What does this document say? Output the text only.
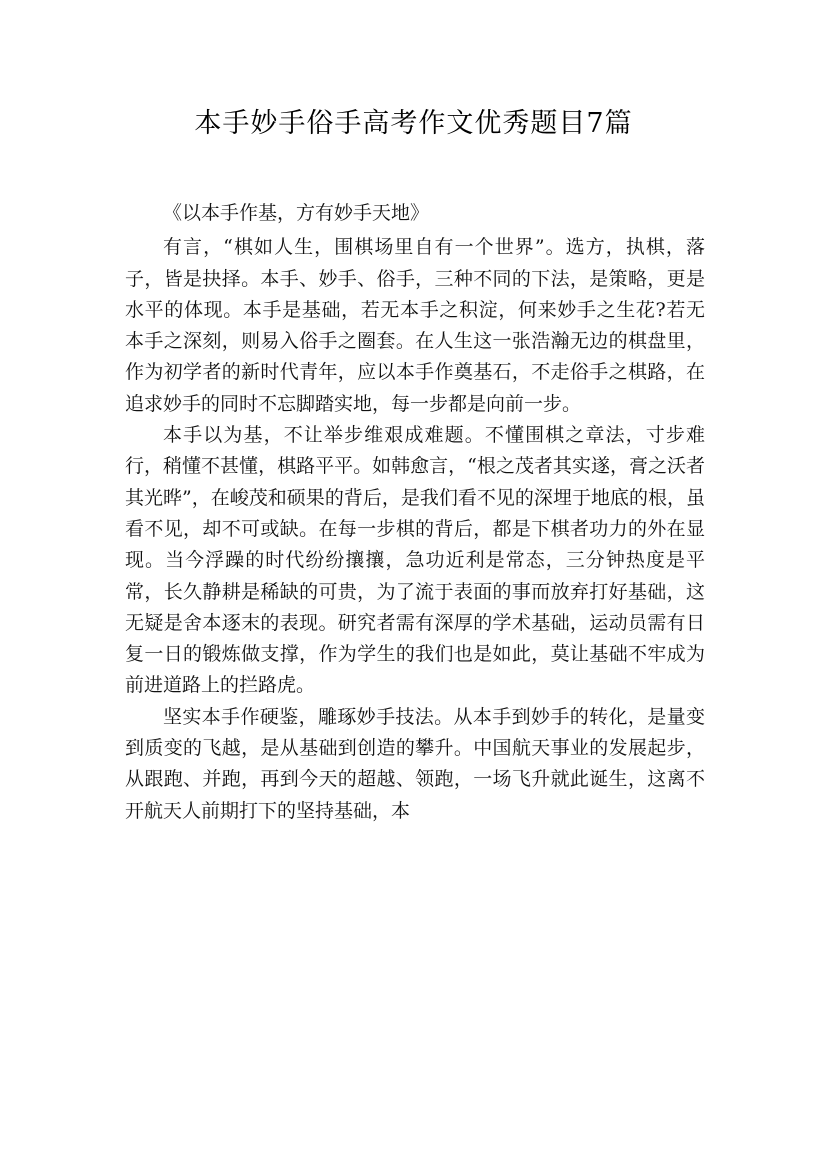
本手妙手俗手高考作文优秀题目7篇

《以本手作基，方有妙手天地》

有言，“棋如人生，围棋场里自有一个世界”。选方，执棋，落子，皆是抉择。本手、妙手、俗手，三种不同的下法，是策略，更是水平的体现。本手是基础，若无本手之积淀，何来妙手之生花?若无本手之深刻，则易入俗手之圈套。在人生这一张浩瀚无边的棋盘里，作为初学者的新时代青年，应以本手作奠基石，不走俗手之棋路，在追求妙手的同时不忘脚踏实地，每一步都是向前一步。

本手以为基，不让举步维艰成难题。不懂围棋之章法，寸步难行，稍懂不甚懂，棋路平平。如韩愈言，“根之茂者其实遂，膏之沃者其光晔”，在峻茂和硕果的背后，是我们看不见的深埋于地底的根，虽看不见，却不可或缺。在每一步棋的背后，都是下棋者功力的外在显现。当今浮躁的时代纷纷攘攘，急功近利是常态，三分钟热度是平常，长久静耕是稀缺的可贵，为了流于表面的事而放弃打好基础，这无疑是舍本逐末的表现。研究者需有深厚的学术基础，运动员需有日复一日的锻炼做支撑，作为学生的我们也是如此，莫让基础不牢成为前进道路上的拦路虎。

坚实本手作硬鉴，雕琢妙手技法。从本手到妙手的转化，是量变到质变的飞越，是从基础到创造的攀升。中国航天事业的发展起步，从跟跑、并跑，再到今天的超越、领跑，一场飞升就此诞生，这离不开航天人前期打下的坚持基础，本
